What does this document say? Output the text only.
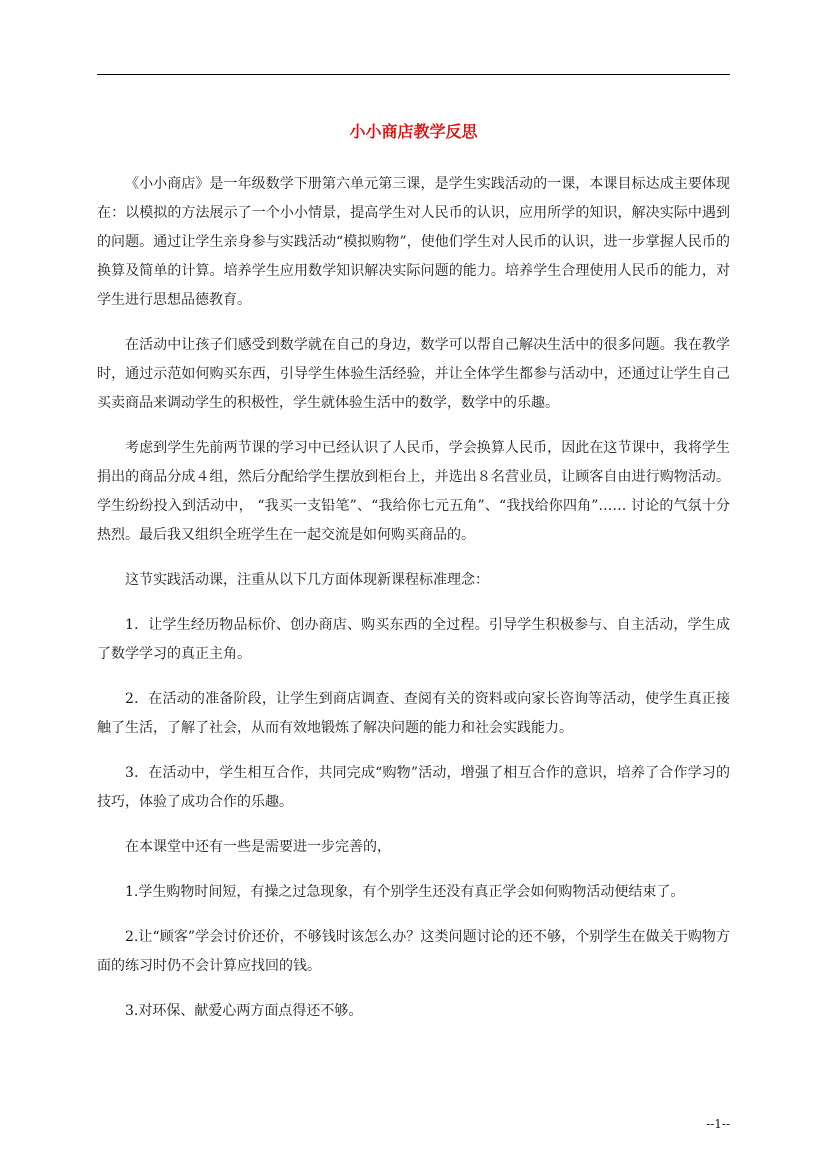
小小商店教学反思

《小小商店》是一年级数学下册第六单元第三课，是学生实践活动的一课，本课目标达成主要体现在：以模拟的方法展示了一个小小情景，提高学生对人民币的认识，应用所学的知识，解决实际中遇到的问题。通过让学生亲身参与实践活动“模拟购物”，使他们学生对人民币的认识，进一步掌握人民币的换算及简单的计算。培养学生应用数学知识解决实际问题的能力。培养学生合理使用人民币的能力，对学生进行思想品德教育。

在活动中让孩子们感受到数学就在自己的身边，数学可以帮自己解决生活中的很多问题。我在教学时，通过示范如何购买东西，引导学生体验生活经验，并让全体学生都参与活动中，还通过让学生自己买卖商品来调动学生的积极性，学生就体验生活中的数学，数学中的乐趣。

考虑到学生先前两节课的学习中已经认识了人民币，学会换算人民币，因此在这节课中，我将学生捐出的商品分成４组，然后分配给学生摆放到柜台上，并选出８名营业员，让顾客自由进行购物活动。学生纷纷投入到活动中， “我买一支铅笔”、“我给你七元五角”、“我找给你四角”…… 讨论的气氛十分热烈。最后我又组织全班学生在一起交流是如何购买商品的。

这节实践活动课，注重从以下几方面体现新课程标准理念：

1．让学生经历物品标价、创办商店、购买东西的全过程。引导学生积极参与、自主活动，学生成了数学学习的真正主角。

2．在活动的准备阶段，让学生到商店调查、查阅有关的资料或向家长咨询等活动，使学生真正接触了生活，了解了社会，从而有效地锻炼了解决问题的能力和社会实践能力。

3．在活动中，学生相互合作，共同完成“购物”活动，增强了相互合作的意识，培养了合作学习的技巧，体验了成功合作的乐趣。

在本课堂中还有一些是需要进一步完善的，

1.学生购物时间短，有操之过急现象，有个别学生还没有真正学会如何购物活动便结束了。

2.让“顾客”学会讨价还价，不够钱时该怎么办？这类问题讨论的还不够，个别学生在做关于购物方面的练习时仍不会计算应找回的钱。

3.对环保、献爱心两方面点得还不够。

--1--
